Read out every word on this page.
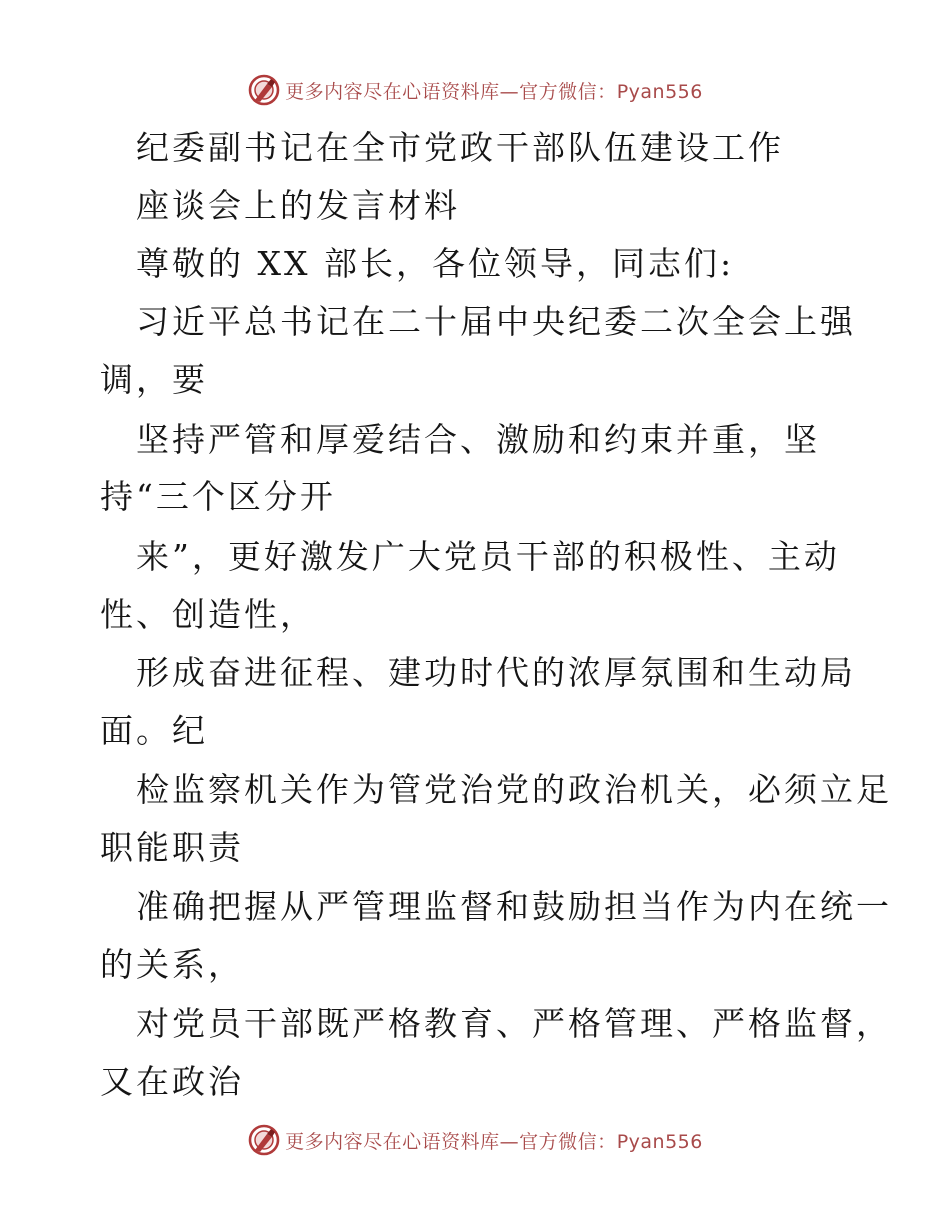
更多内容尽在心语资料库—官方微信：Pyan556
纪委副书记在全市党政干部队伍建设工作
座谈会上的发言材料
尊敬的 XX 部长，各位领导，同志们:
习近平总书记在二十届中央纪委二次全会上强
调，要
坚持严管和厚爱结合、激励和约束并重，坚
持“三个区分开
来”，更好激发广大党员干部的积极性、主动
性、创造性，
形成奋进征程、建功时代的浓厚氛围和生动局
面。纪
检监察机关作为管党治党的政治机关，必须立足
职能职责
准确把握从严管理监督和鼓励担当作为内在统一
的关系，
对党员干部既严格教育、严格管理、严格监督，
又在政治
更多内容尽在心语资料库—官方微信：Pyan556
